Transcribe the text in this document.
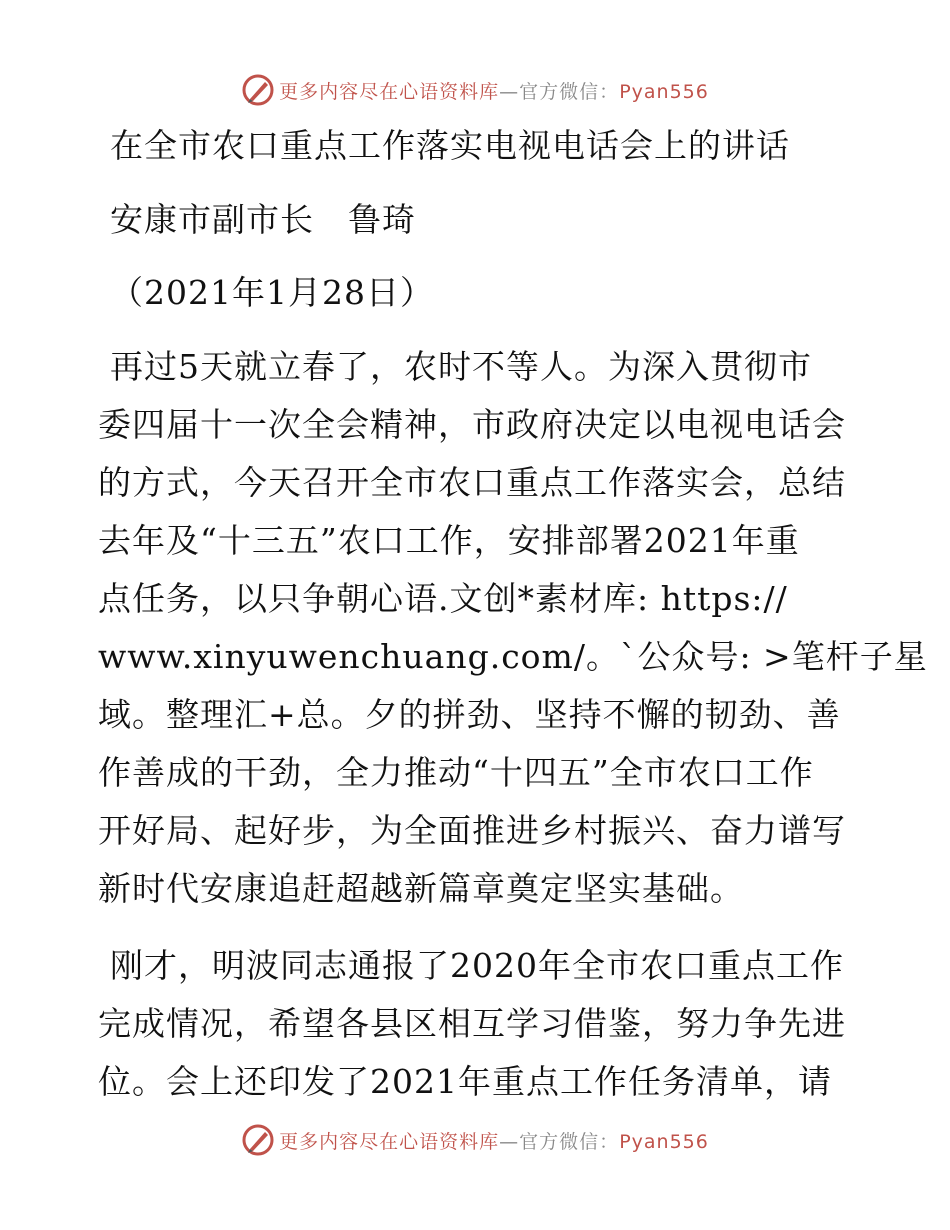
更多内容尽在心语资料库—官方微信：Pyan556
在全市农口重点工作落实电视电话会上的讲话
安康市副市长　鲁琦
（2021年1月28日）
再过5天就立春了，农时不等人。为深入贯彻市
委四届十一次全会精神，市政府决定以电视电话会
的方式，今天召开全市农口重点工作落实会，总结
去年及“十三五”农口工作，安排部署2021年重
点任务，以只争朝心语.文创*素材库: https://
www.xinyuwenchuang.com/。`公众号: >笔杆子星
域。整理汇+总。夕的拼劲、坚持不懈的韧劲、善
作善成的干劲，全力推动“十四五”全市农口工作
开好局、起好步，为全面推进乡村振兴、奋力谱写
新时代安康追赶超越新篇章奠定坚实基础。
刚才，明波同志通报了2020年全市农口重点工作
完成情况，希望各县区相互学习借鉴，努力争先进
位。会上还印发了2021年重点工作任务清单，请
更多内容尽在心语资料库—官方微信：Pyan556
